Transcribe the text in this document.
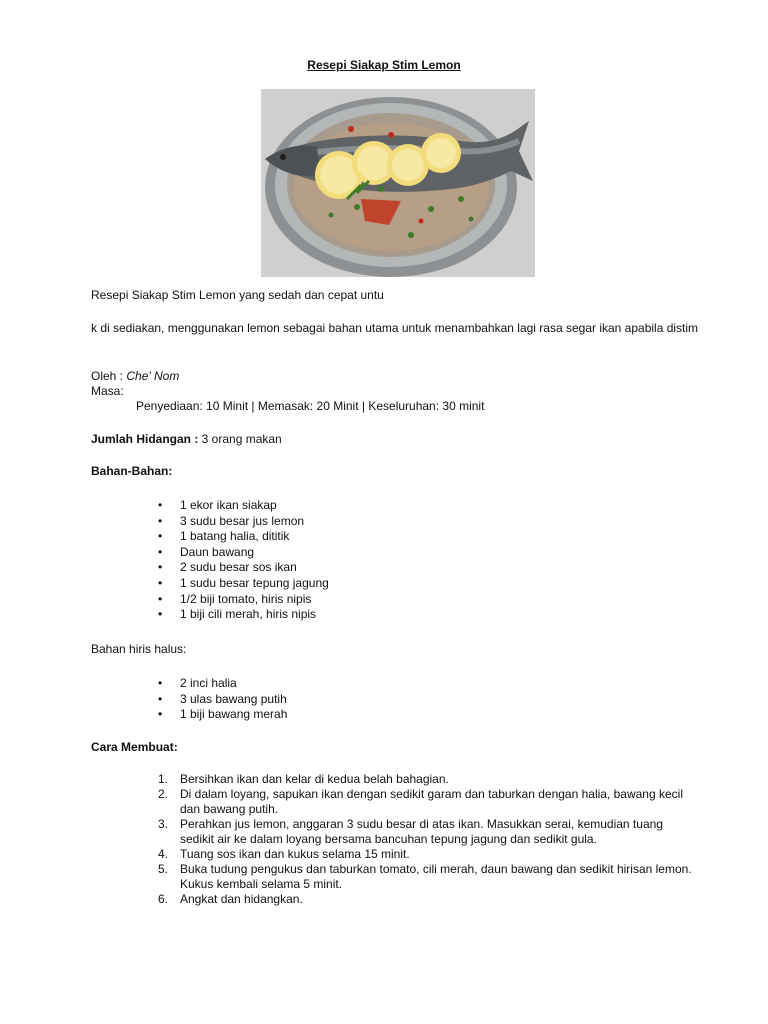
Resepi Siakap Stim Lemon
Resepi Siakap Stim Lemon yang sedah dan cepat untu
k di sediakan, menggunakan lemon sebagai bahan utama untuk menambahkan lagi rasa segar ikan apabila distim
Oleh : Che' Nom
Masa:
Penyediaan: 10 Minit | Memasak: 20 Minit | Keseluruhan: 30 minit
Jumlah Hidangan : 3 orang makan
Bahan-Bahan:
• 1 ekor ikan siakap
• 3 sudu besar jus lemon
• 1 batang halia, dititik
• Daun bawang
• 2 sudu besar sos ikan
• 1 sudu besar tepung jagung
• 1/2 biji tomato, hiris nipis
• 1 biji cili merah, hiris nipis
Bahan hiris halus:
• 2 inci halia
• 3 ulas bawang putih
• 1 biji bawang merah
Cara Membuat:
1. Bersihkan ikan dan kelar di kedua belah bahagian.
2. Di dalam loyang, sapukan ikan dengan sedikit garam dan taburkan dengan halia, bawang kecil dan bawang putih.
3. Perahkan jus lemon, anggaran 3 sudu besar di atas ikan. Masukkan serai, kemudian tuang sedikit air ke dalam loyang bersama bancuhan tepung jagung dan sedikit gula.
4. Tuang sos ikan dan kukus selama 15 minit.
5. Buka tudung pengukus dan taburkan tomato, cili merah, daun bawang dan sedikit hirisan lemon. Kukus kembali selama 5 minit.
6. Angkat dan hidangkan.
